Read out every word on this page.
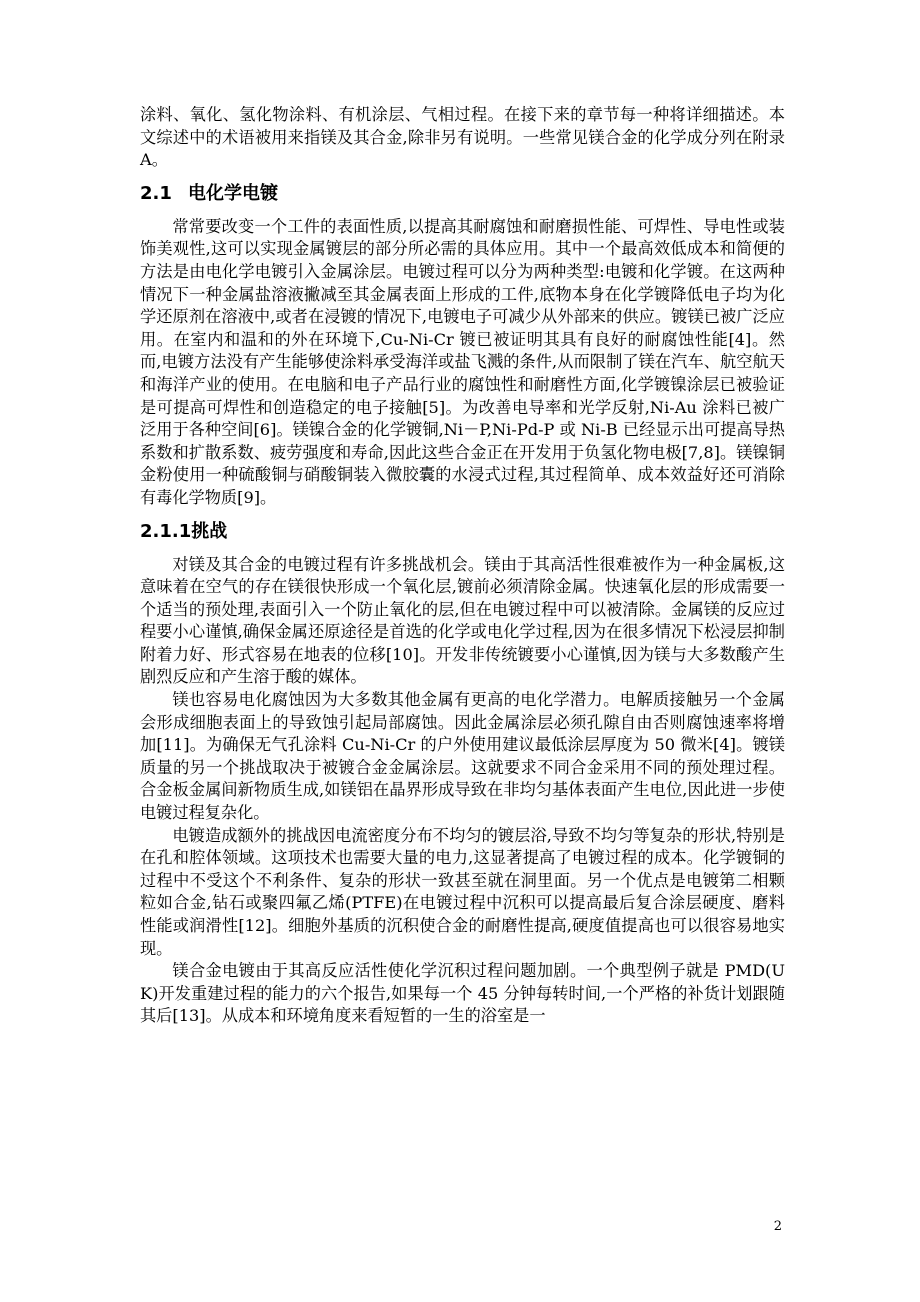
涂料、氧化、氢化物涂料、有机涂层、气相过程。在接下来的章节每一种将详细描述。本文综述中的术语被用来指镁及其合金,除非另有说明。一些常见镁合金的化学成分列在附录 A。

2.1 电化学电镀

常常要改变一个工件的表面性质,以提高其耐腐蚀和耐磨损性能、可焊性、导电性或装饰美观性,这可以实现金属镀层的部分所必需的具体应用。其中一个最高效低成本和简便的方法是由电化学电镀引入金属涂层。电镀过程可以分为两种类型:电镀和化学镀。在这两种情况下一种金属盐溶液撇减至其金属表面上形成的工件,底物本身在化学镀降低电子均为化学还原剂在溶液中,或者在浸镀的情况下,电镀电子可减少从外部来的供应。镀镁已被广泛应用。在室内和温和的外在环境下,Cu-Ni-Cr 镀已被证明其具有良好的耐腐蚀性能[4]。然而,电镀方法没有产生能够使涂料承受海洋或盐飞溅的条件,从而限制了镁在汽车、航空航天和海洋产业的使用。在电脑和电子产品行业的腐蚀性和耐磨性方面,化学镀镍涂层已被验证是可提高可焊性和创造稳定的电子接触[5]。为改善电导率和光学反射,Ni-Au 涂料已被广泛用于各种空间[6]。镁镍合金的化学镀铜,Ni－P,Ni-Pd-P 或 Ni-B 已经显示出可提高导热系数和扩散系数、疲劳强度和寿命,因此这些合金正在开发用于负氢化物电极[7,8]。镁镍铜金粉使用一种硫酸铜与硝酸铜装入微胶囊的水浸式过程,其过程简单、成本效益好还可消除有毒化学物质[9]。

2.1.1挑战

对镁及其合金的电镀过程有许多挑战机会。镁由于其高活性很难被作为一种金属板,这意味着在空气的存在镁很快形成一个氧化层,镀前必须清除金属。快速氧化层的形成需要一个适当的预处理,表面引入一个防止氧化的层,但在电镀过程中可以被清除。金属镁的反应过程要小心谨慎,确保金属还原途径是首选的化学或电化学过程,因为在很多情况下松浸层抑制附着力好、形式容易在地表的位移[10]。开发非传统镀要小心谨慎,因为镁与大多数酸产生剧烈反应和产生溶于酸的媒体。

镁也容易电化腐蚀因为大多数其他金属有更高的电化学潜力。电解质接触另一个金属会形成细胞表面上的导致蚀引起局部腐蚀。因此金属涂层必须孔隙自由否则腐蚀速率将增加[11]。为确保无气孔涂料 Cu-Ni-Cr 的户外使用建议最低涂层厚度为 50 微米[4]。镀镁质量的另一个挑战取决于被镀合金金属涂层。这就要求不同合金采用不同的预处理过程。合金板金属间新物质生成,如镁铝在晶界形成导致在非均匀基体表面产生电位,因此进一步使电镀过程复杂化。

电镀造成额外的挑战因电流密度分布不均匀的镀层浴,导致不均匀等复杂的形状,特别是在孔和腔体领域。这项技术也需要大量的电力,这显著提高了电镀过程的成本。化学镀铜的过程中不受这个不利条件、复杂的形状一致甚至就在洞里面。另一个优点是电镀第二相颗粒如合金,钻石或聚四氟乙烯(PTFE)在电镀过程中沉积可以提高最后复合涂层硬度、磨料性能或润滑性[12]。细胞外基质的沉积使合金的耐磨性提高,硬度值提高也可以很容易地实现。

镁合金电镀由于其高反应活性使化学沉积过程问题加剧。一个典型例子就是 PMD(UK)开发重建过程的能力的六个报告,如果每一个 45 分钟每转时间,一个严格的补货计划跟随其后[13]。从成本和环境角度来看短暂的一生的浴室是一

2
